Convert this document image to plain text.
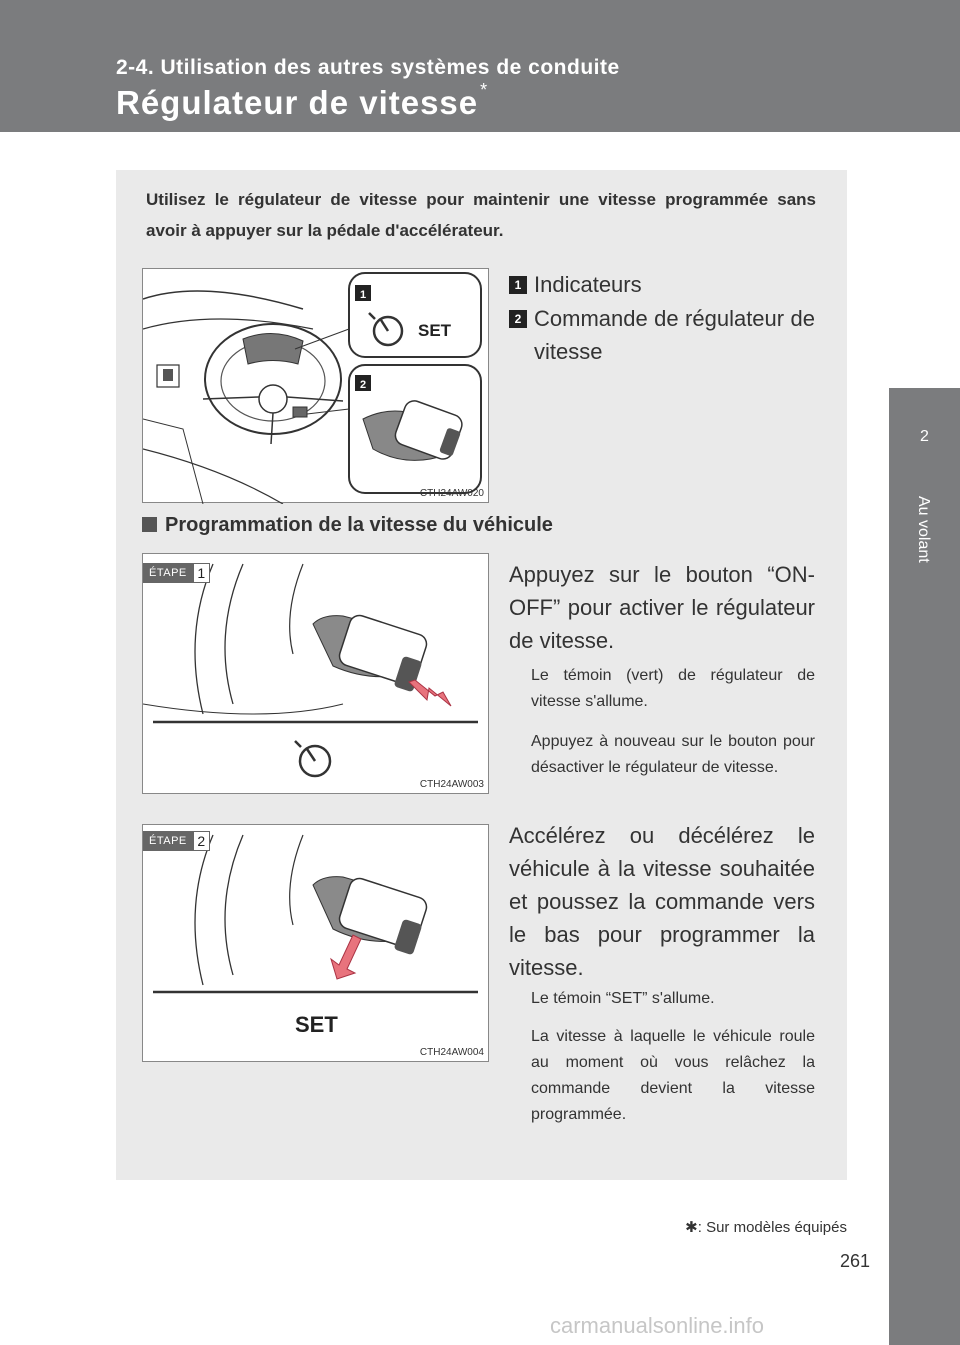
2-4. Utilisation des autres systèmes de conduite
Régulateur de vitesse *
2
Au volant
Utilisez le régulateur de vitesse pour maintenir une vitesse programmée sans avoir à appuyer sur la pédale d'accélérateur.
1
2
SET
CTH24AW020
1 Indicateurs
2 Commande de régulateur de vitesse
Programmation de la vitesse du véhicule
CTH24AW003
ÉTAPE 1	Appuyez sur le bouton “ON-OFF” pour activer le régulateur de vitesse.
Le témoin (vert) de régulateur de vitesse s'allume.
Appuyez à nouveau sur le bouton pour désactiver le régulateur de vitesse.
SET
CTH24AW004
ÉTAPE 2	Accélérez ou décélérez le véhicule à la vitesse souhaitée et poussez la commande vers le bas pour programmer la vitesse.
Le témoin “SET” s'allume.
La vitesse à laquelle le véhicule roule au moment où vous relâchez la commande devient la vitesse programmée.
✱: Sur modèles équipés
261
carmanualsonline.info
